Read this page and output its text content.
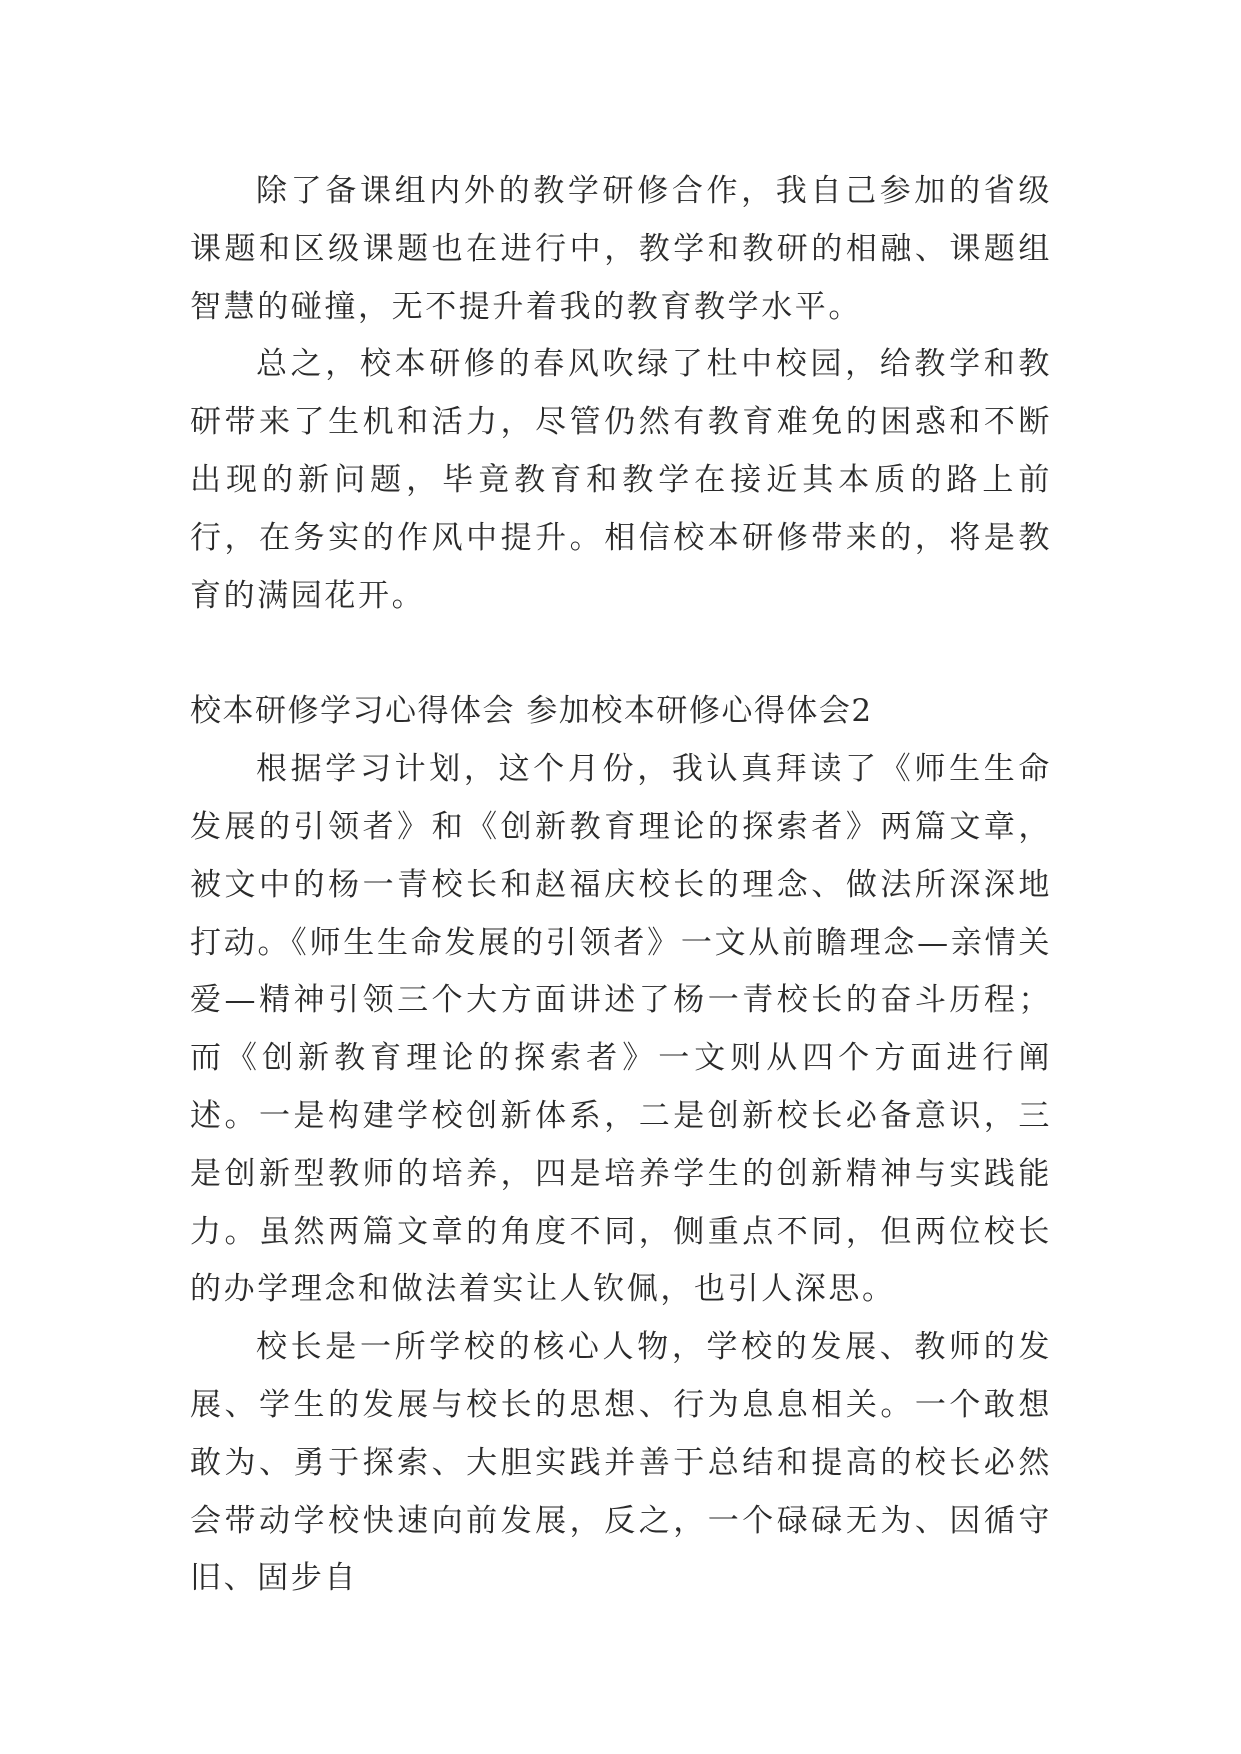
除了备课组内外的教学研修合作，我自己参加的省级课题和区级课题也在进行中，教学和教研的相融、课题组智慧的碰撞，无不提升着我的教育教学水平。

总之，校本研修的春风吹绿了杜中校园，给教学和教研带来了生机和活力，尽管仍然有教育难免的困惑和不断出现的新问题，毕竟教育和教学在接近其本质的路上前行，在务实的作风中提升。相信校本研修带来的，将是教育的满园花开。

校本研修学习心得体会 参加校本研修心得体会2

根据学习计划，这个月份，我认真拜读了《师生生命发展的引领者》和《创新教育理论的探索者》两篇文章，被文中的杨一青校长和赵福庆校长的理念、做法所深深地打动。《师生生命发展的引领者》一文从前瞻理念—亲情关爱—精神引领三个大方面讲述了杨一青校长的奋斗历程；而《创新教育理论的探索者》一文则从四个方面进行阐述。一是构建学校创新体系，二是创新校长必备意识，三是创新型教师的培养，四是培养学生的创新精神与实践能力。虽然两篇文章的角度不同，侧重点不同，但两位校长的办学理念和做法着实让人钦佩，也引人深思。

校长是一所学校的核心人物，学校的发展、教师的发展、学生的发展与校长的思想、行为息息相关。一个敢想敢为、勇于探索、大胆实践并善于总结和提高的校长必然会带动学校快速向前发展，反之，一个碌碌无为、因循守旧、固步自
